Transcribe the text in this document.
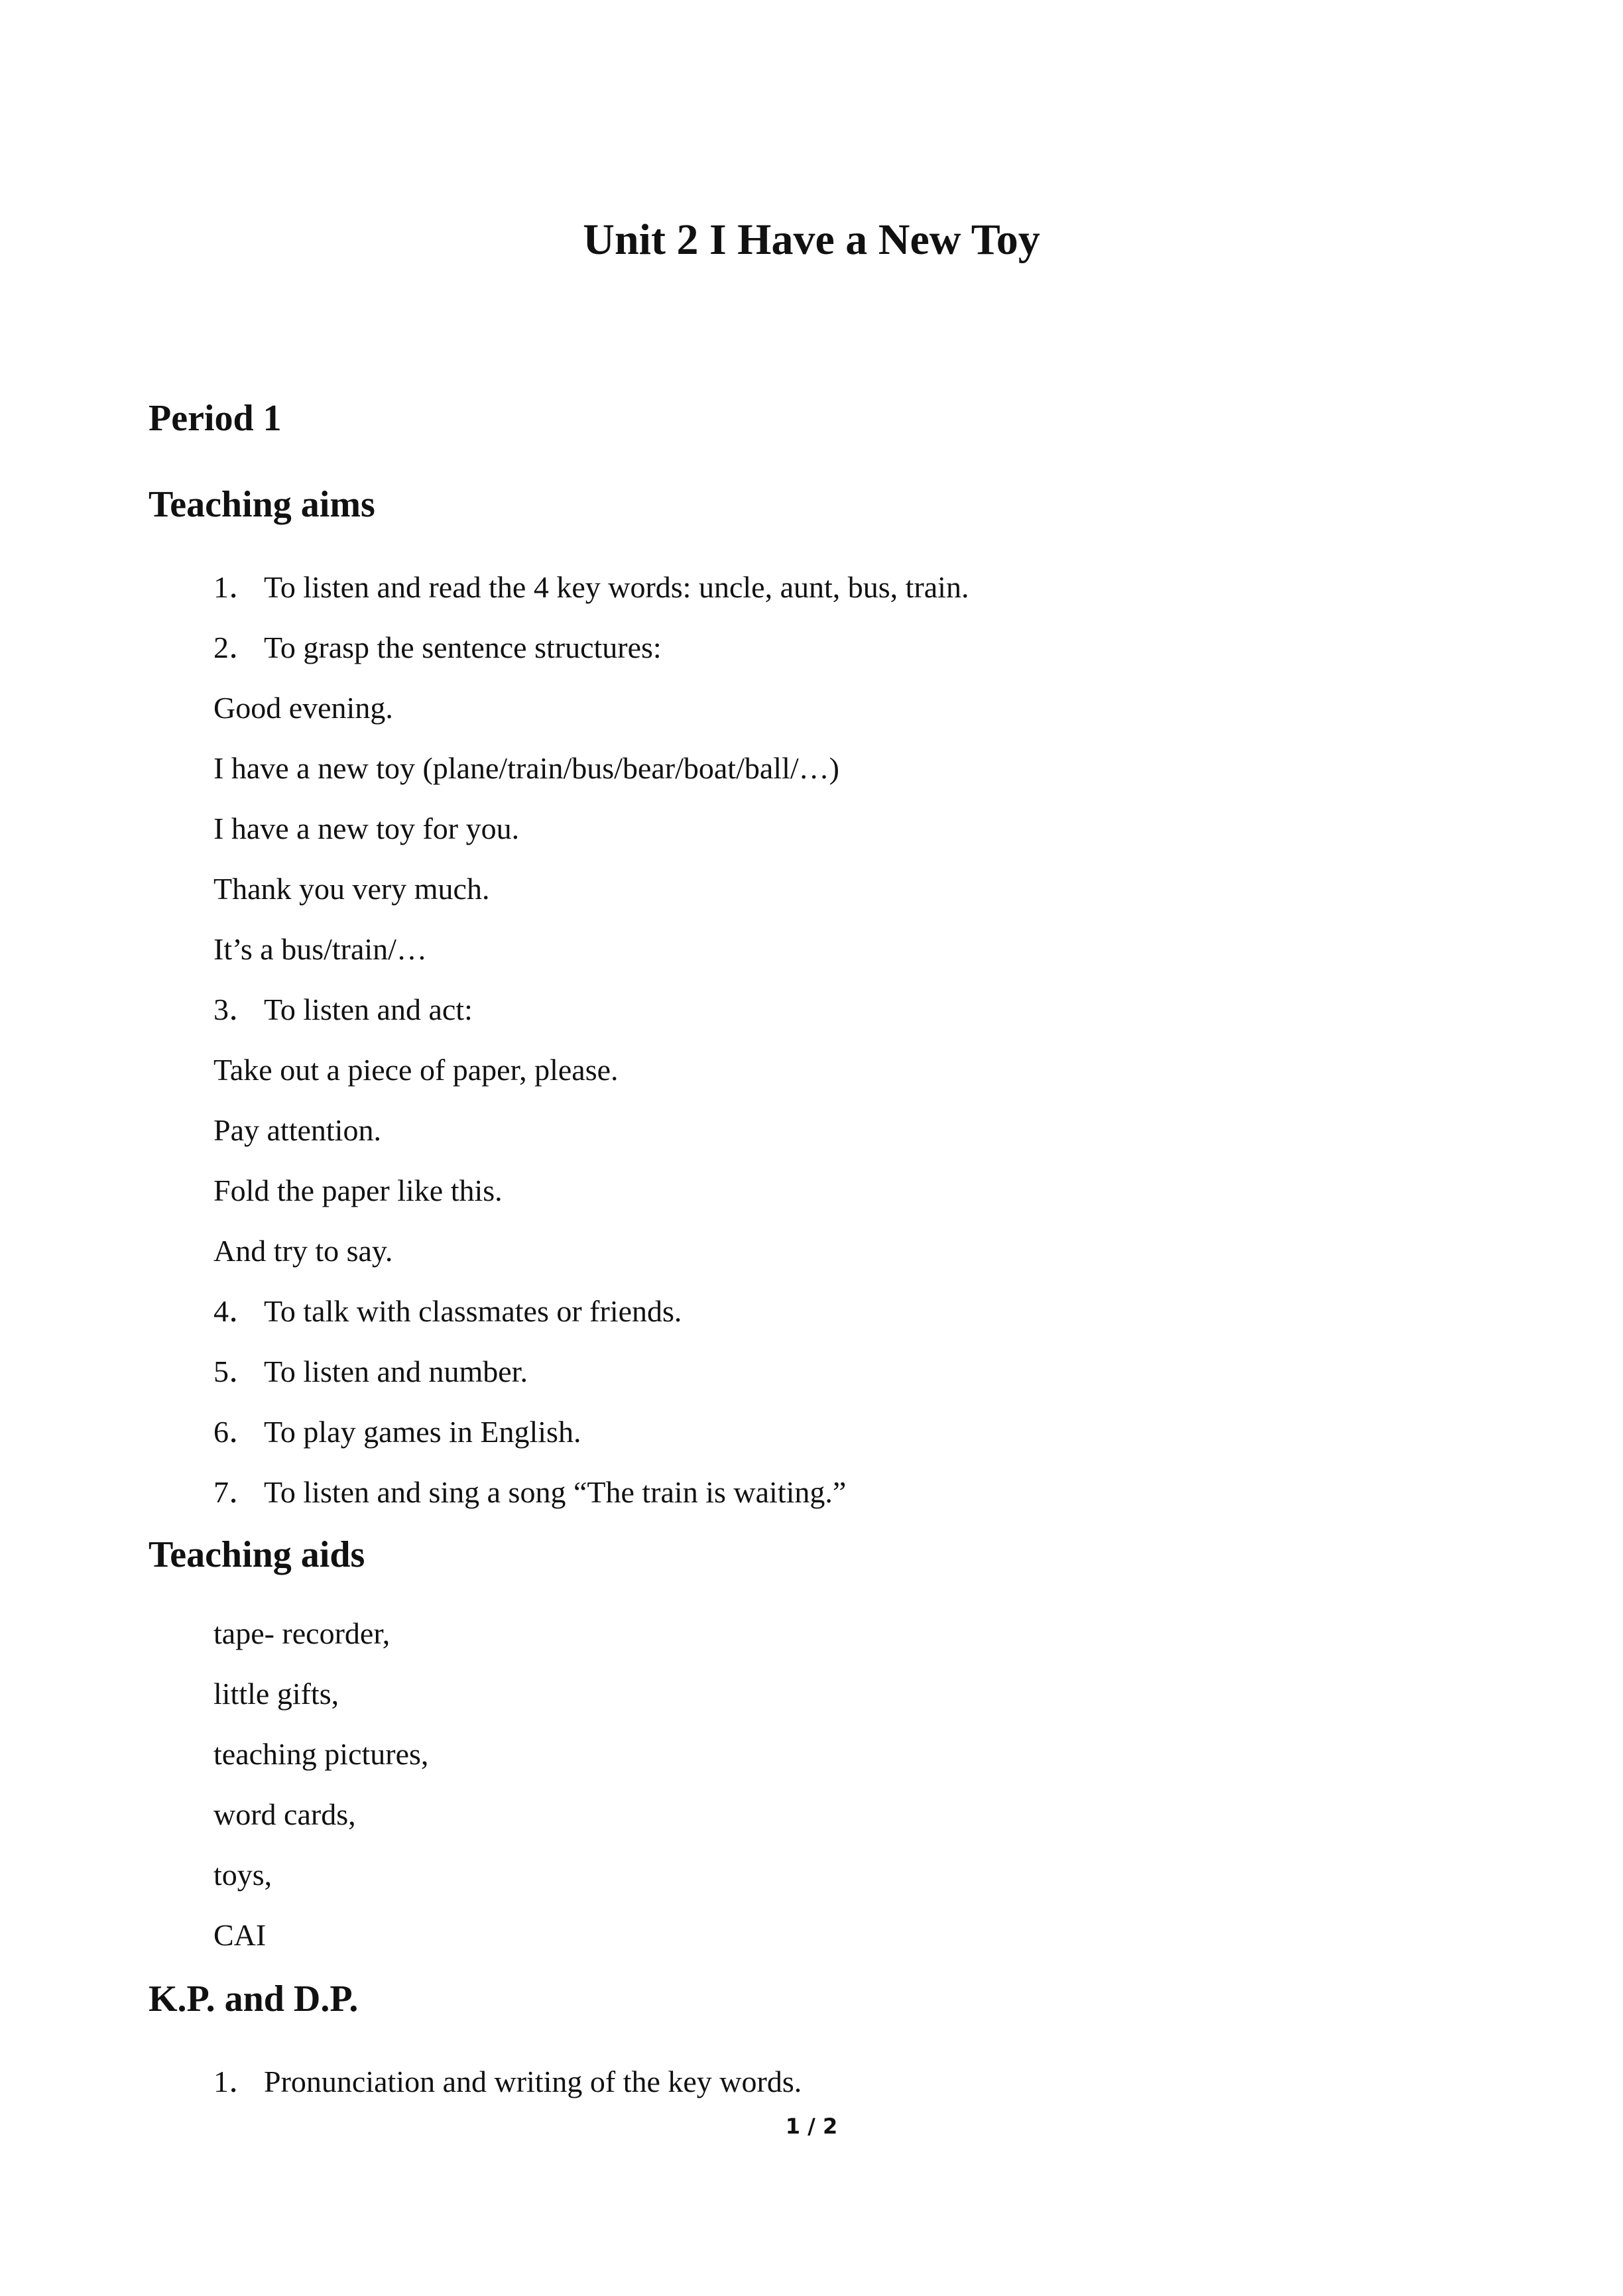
Unit 2 I Have a New Toy
Period 1
Teaching aims
1． To listen and read the 4 key words: uncle, aunt, bus, train.
2． To grasp the sentence structures:
Good evening.
I have a new toy (plane/train/bus/bear/boat/ball/…)
I have a new toy for you.
Thank you very much.
It’s a bus/train/…
3． To listen and act:
Take out a piece of paper, please.
Pay attention.
Fold the paper like this.
And try to say.
4． To talk with classmates or friends.
5． To listen and number.
6． To play games in English.
7． To listen and sing a song “The train is waiting.”
Teaching aids
tape- recorder,
little gifts,
teaching pictures,
word cards,
toys,
CAI
K.P. and D.P.
1． Pronunciation and writing of the key words.
1 / 2
